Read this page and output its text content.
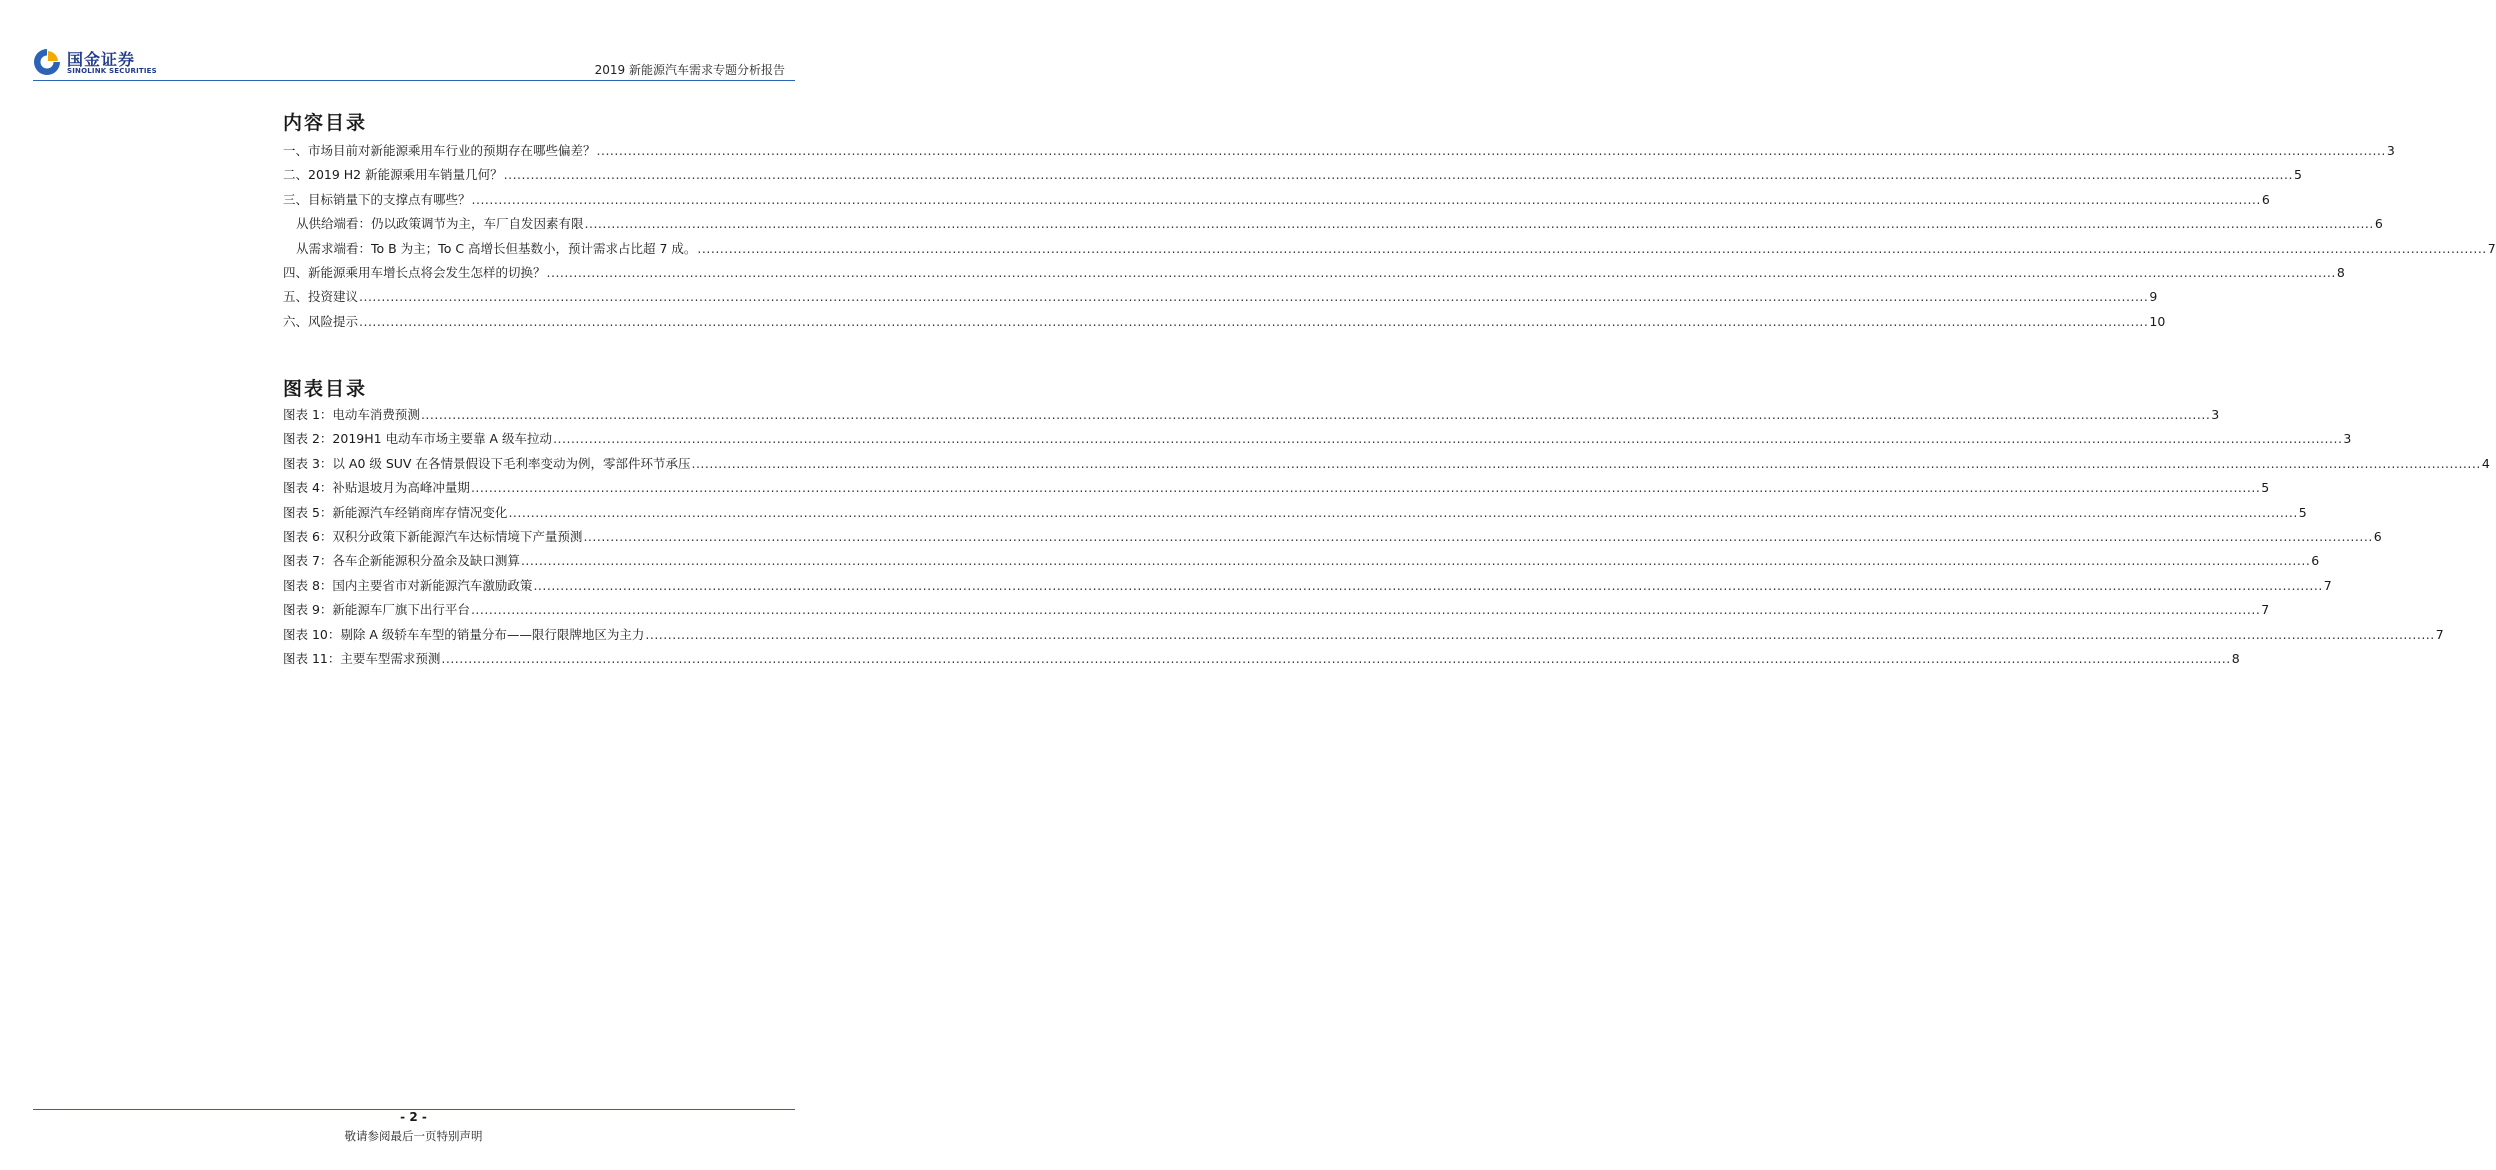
国金证券
SINOLINK SECURITIES	2019 新能源汽车需求专题分析报告
内容目录
一、市场目前对新能源乘用车行业的预期存在哪些偏差？ ................................................................................................................................................................................................................................................................................................................................................................................................................ 3
二、2019 H2 新能源乘用车销量几何？ ................................................................................................................................................................................................................................................................................................................................................................................................................ 5
三、目标销量下的支撑点有哪些？ ................................................................................................................................................................................................................................................................................................................................................................................................................ 6
从供给端看：仍以政策调节为主，车厂自发因素有限 ................................................................................................................................................................................................................................................................................................................................................................................................................ 6
从需求端看：To B 为主；To C 高增长但基数小，预计需求占比超 7 成。 ................................................................................................................................................................................................................................................................................................................................................................................................................ 7
四、新能源乘用车增长点将会发生怎样的切换？ ................................................................................................................................................................................................................................................................................................................................................................................................................ 8
五、投资建议 ................................................................................................................................................................................................................................................................................................................................................................................................................ 9
六、风险提示 ................................................................................................................................................................................................................................................................................................................................................................................................................ 10
图表目录
图表 1：电动车消费预测 ................................................................................................................................................................................................................................................................................................................................................................................................................ 3
图表 2：2019H1 电动车市场主要靠 A 级车拉动 ................................................................................................................................................................................................................................................................................................................................................................................................................ 3
图表 3：以 A0 级 SUV 在各情景假设下毛利率变动为例，零部件环节承压 ................................................................................................................................................................................................................................................................................................................................................................................................................ 4
图表 4：补贴退坡月为高峰冲量期 ................................................................................................................................................................................................................................................................................................................................................................................................................ 5
图表 5：新能源汽车经销商库存情况变化 ................................................................................................................................................................................................................................................................................................................................................................................................................ 5
图表 6：双积分政策下新能源汽车达标情境下产量预测 ................................................................................................................................................................................................................................................................................................................................................................................................................ 6
图表 7：各车企新能源积分盈余及缺口测算 ................................................................................................................................................................................................................................................................................................................................................................................................................ 6
图表 8：国内主要省市对新能源汽车激励政策 ................................................................................................................................................................................................................................................................................................................................................................................................................ 7
图表 9：新能源车厂旗下出行平台 ................................................................................................................................................................................................................................................................................................................................................................................................................ 7
图表 10：剔除 A 级轿车车型的销量分布——限行限牌地区为主力 ................................................................................................................................................................................................................................................................................................................................................................................................................ 7
图表 11：主要车型需求预测 ................................................................................................................................................................................................................................................................................................................................................................................................................ 8
- 2 -
敬请参阅最后一页特别声明
